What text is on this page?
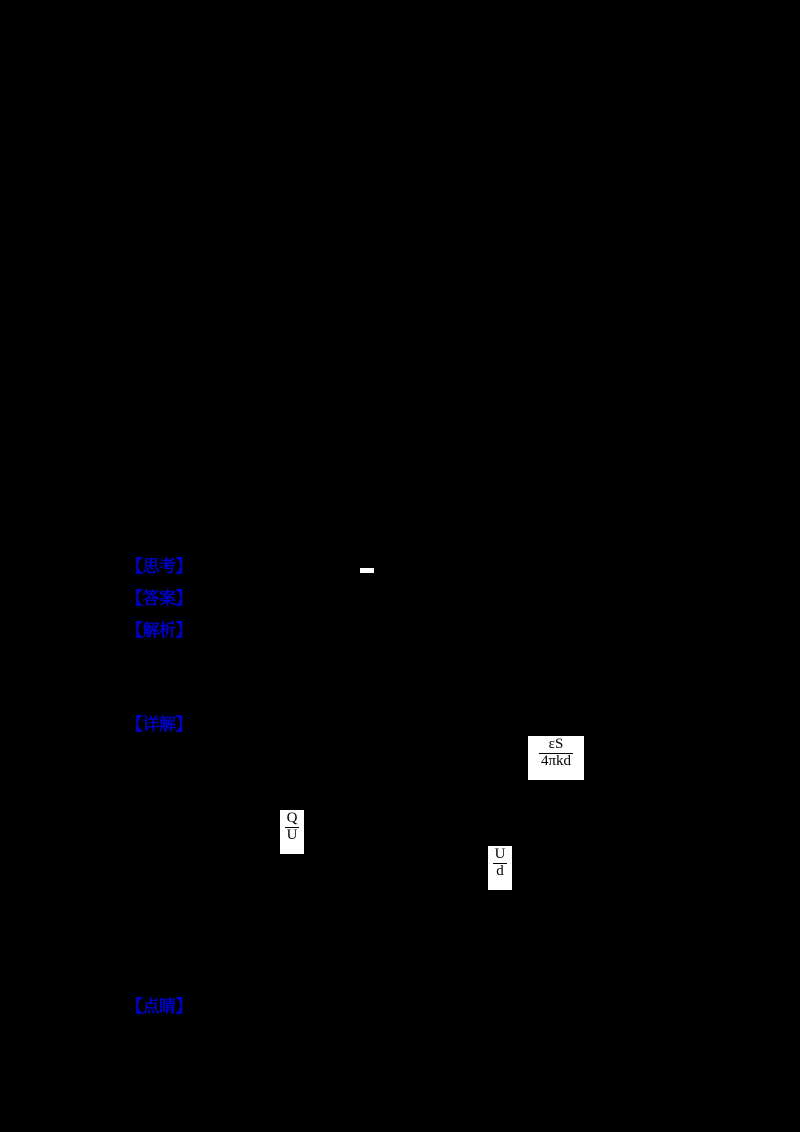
【思考】
【答案】
【解析】
【详解】
【点睛】
$\frac{\varepsilon S}{\text{4πkd}}$
$\frac{Q}{U}$
$\frac{U}{d}$
